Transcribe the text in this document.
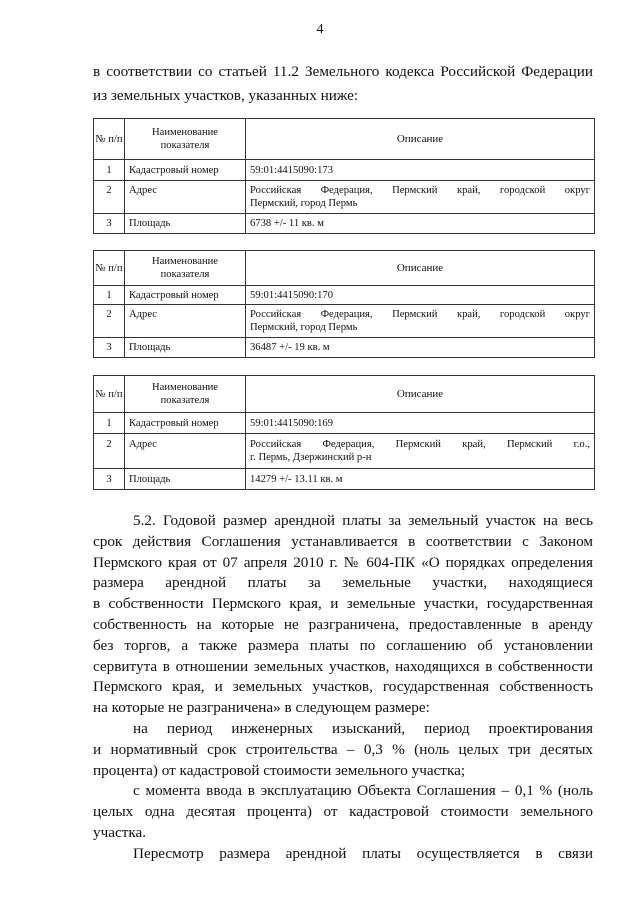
4
в соответствии со статьей 11.2 Земельного кодекса Российской Федерации
из земельных участков, указанных ниже:
№ п/п	Наименование показателя	Описание
1	Кадастровый номер	59:01:4415090:173
2	Адрес	Российская Федерация, Пермский край, городской округ
Пермский, город Пермь

3	Площадь	6738 +/- 11 кв. м
№ п/п	Наименование показателя	Описание
1	Кадастровый номер	59:01:4415090:170
2	Адрес	Российская Федерация, Пермский край, городской округ
Пермский, город Пермь

3	Площадь	36487 +/- 19 кв. м
№ п/п	Наименование показателя	Описание
1	Кадастровый номер	59:01:4415090:169
2	Адрес	Российская Федерация, Пермский край, Пермский г.о.,
г. Пермь, Дзержинский р-н

3	Площадь	14279 +/- 13.11 кв. м
5.2. Годовой размер арендной платы за земельный участок на весь
срок действия Соглашения устанавливается в соответствии с Законом
Пермского края от 07 апреля 2010 г. № 604-ПК «О порядках определения
размера арендной платы за земельные участки, находящиеся
в собственности Пермского края, и земельные участки, государственная
собственность на которые не разграничена, предоставленные в аренду
без торгов, а также размера платы по соглашению об установлении
сервитута в отношении земельных участков, находящихся в собственности
Пермского края, и земельных участков, государственная собственность
на которые не разграничена» в следующем размере:
на период инженерных изысканий, период проектирования
и нормативный срок строительства – 0,3 % (ноль целых три десятых
процента) от кадастровой стоимости земельного участка;
с момента ввода в эксплуатацию Объекта Соглашения – 0,1 % (ноль
целых одна десятая процента) от кадастровой стоимости земельного
участка.
Пересмотр размера арендной платы осуществляется в связи
